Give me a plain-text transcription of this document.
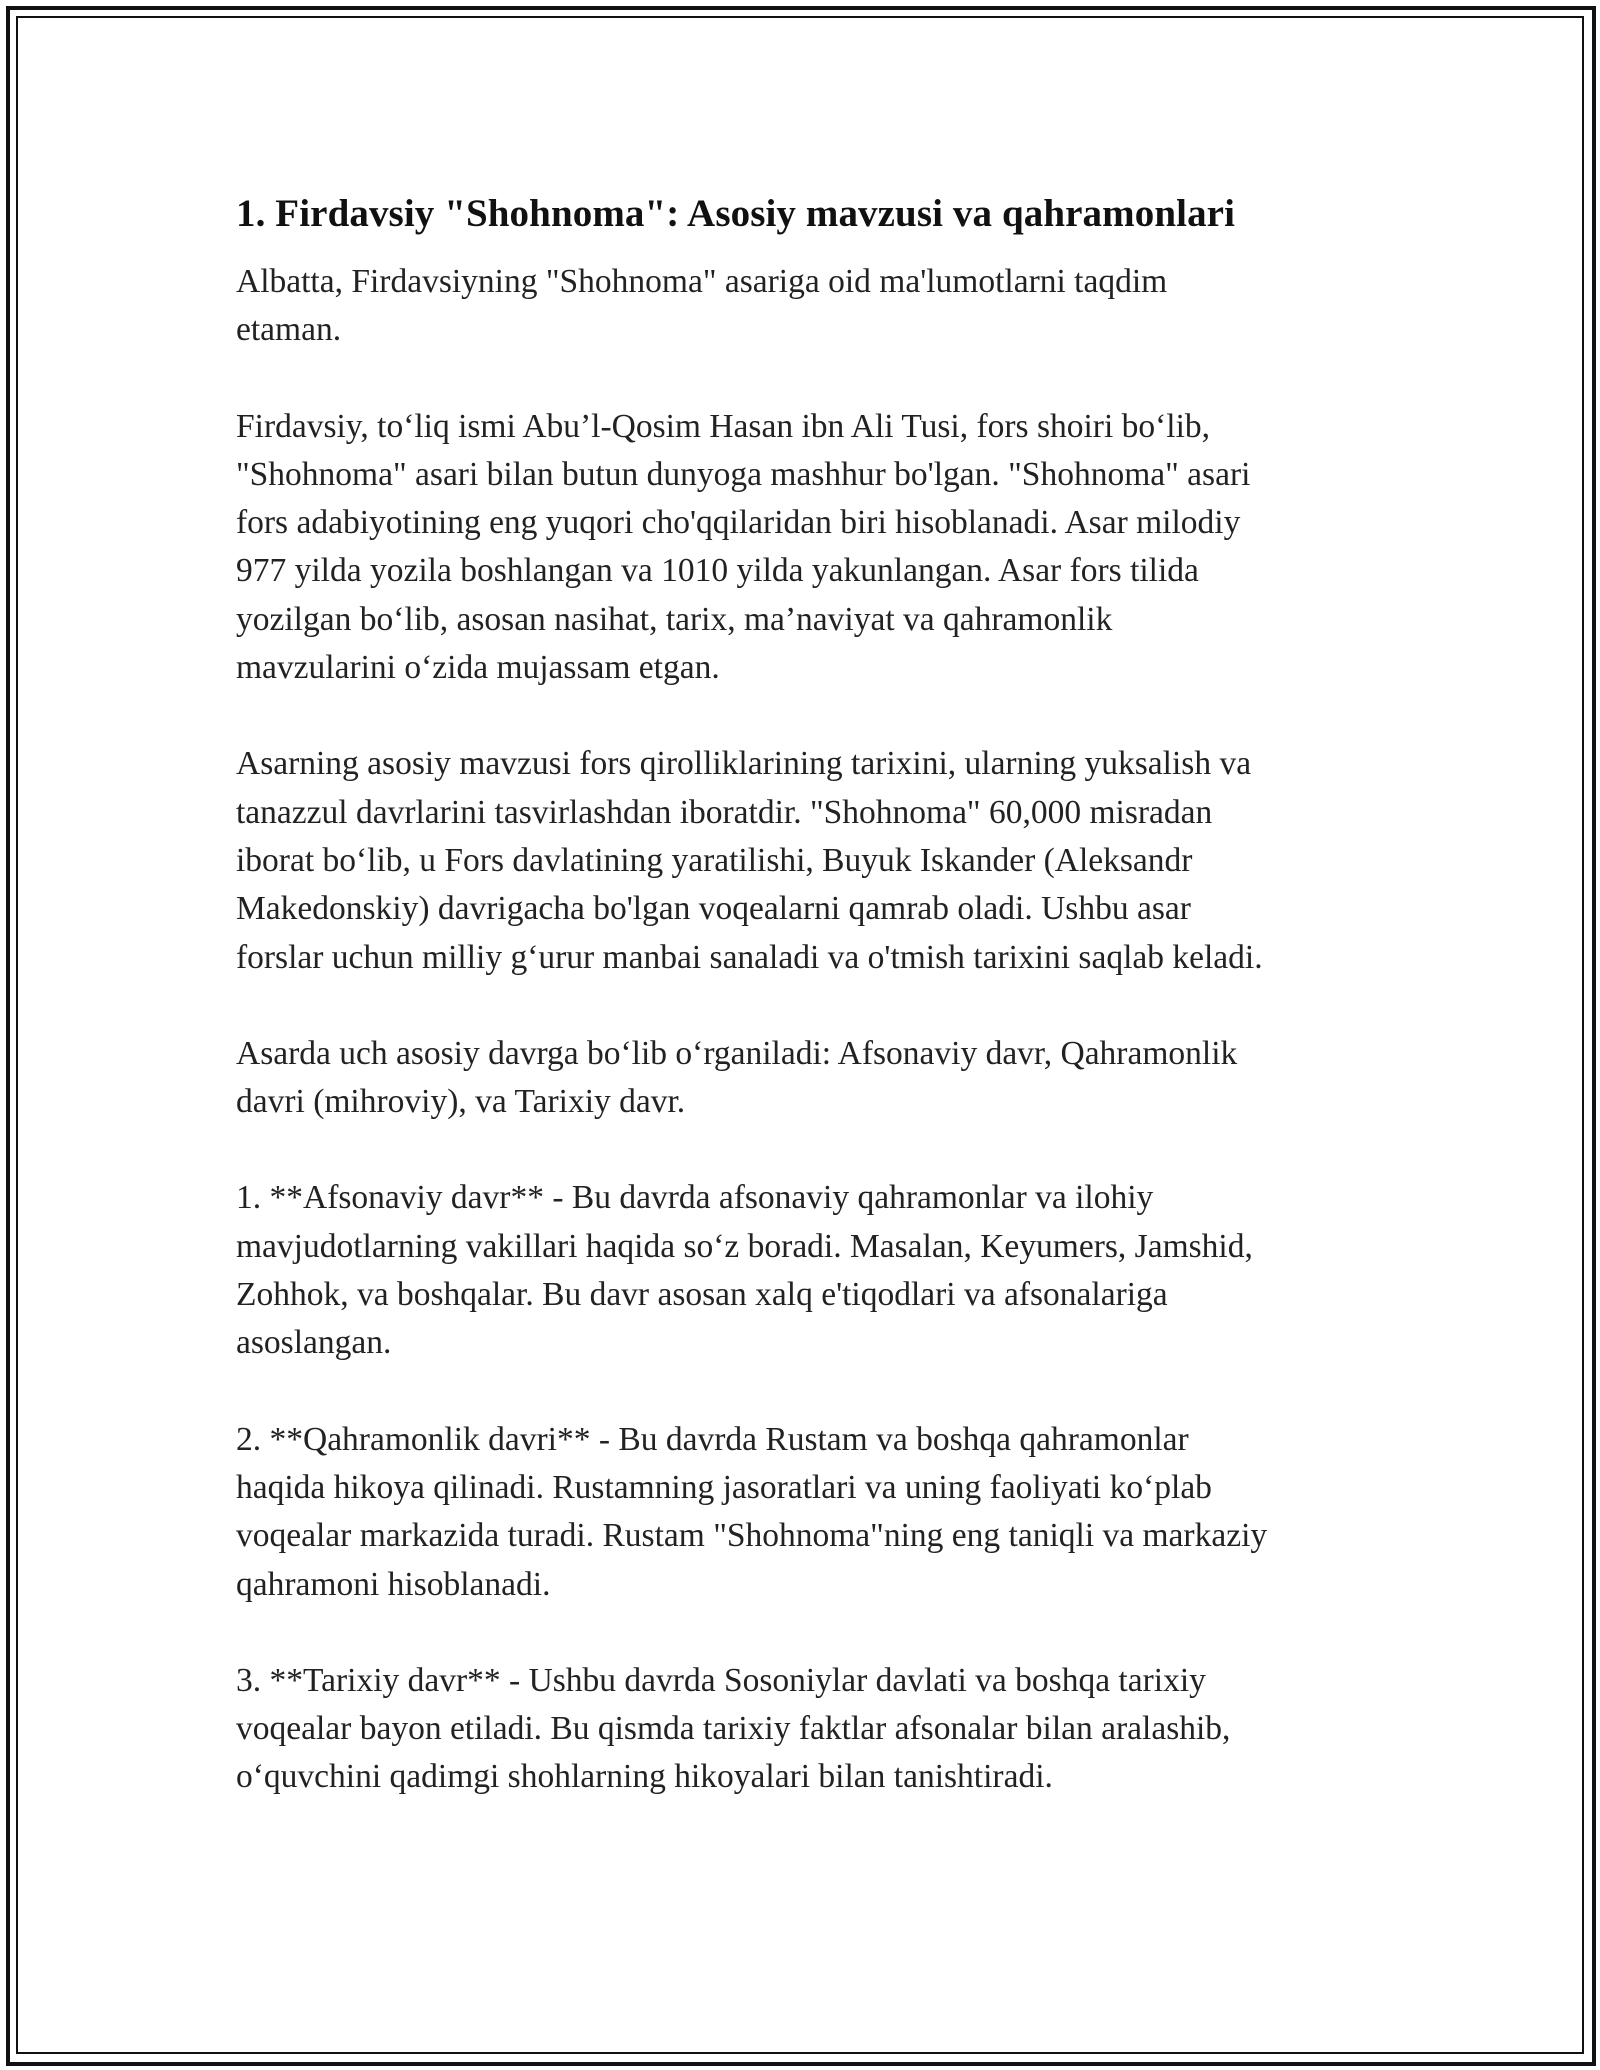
1. Firdavsiy "Shohnoma": Asosiy mavzusi va qahramonlari

Albatta, Firdavsiyning "Shohnoma" asariga oid ma'lumotlarni taqdim
etaman.

Firdavsiy, to‘liq ismi Abu’l-Qosim Hasan ibn Ali Tusi, fors shoiri bo‘lib,
"Shohnoma" asari bilan butun dunyoga mashhur bo'lgan. "Shohnoma" asari
fors adabiyotining eng yuqori cho'qqilaridan biri hisoblanadi. Asar milodiy
977 yilda yozila boshlangan va 1010 yilda yakunlangan. Asar fors tilida
yozilgan bo‘lib, asosan nasihat, tarix, ma’naviyat va qahramonlik
mavzularini o‘zida mujassam etgan.

Asarning asosiy mavzusi fors qirolliklarining tarixini, ularning yuksalish va
tanazzul davrlarini tasvirlashdan iboratdir. "Shohnoma" 60,000 misradan
iborat bo‘lib, u Fors davlatining yaratilishi, Buyuk Iskander (Aleksandr
Makedonskiy) davrigacha bo'lgan voqealarni qamrab oladi. Ushbu asar
forslar uchun milliy g‘urur manbai sanaladi va o'tmish tarixini saqlab keladi.

Asarda uch asosiy davrga bo‘lib o‘rganiladi: Afsonaviy davr, Qahramonlik
davri (mihroviy), va Tarixiy davr.

1. **Afsonaviy davr** - Bu davrda afsonaviy qahramonlar va ilohiy
mavjudotlarning vakillari haqida so‘z boradi. Masalan, Keyumers, Jamshid,
Zohhok, va boshqalar. Bu davr asosan xalq e'tiqodlari va afsonalariga
asoslangan.

2. **Qahramonlik davri** - Bu davrda Rustam va boshqa qahramonlar
haqida hikoya qilinadi. Rustamning jasoratlari va uning faoliyati ko‘plab
voqealar markazida turadi. Rustam "Shohnoma"ning eng taniqli va markaziy
qahramoni hisoblanadi.

3. **Tarixiy davr** - Ushbu davrda Sosoniylar davlati va boshqa tarixiy
voqealar bayon etiladi. Bu qismda tarixiy faktlar afsonalar bilan aralashib,
o‘quvchini qadimgi shohlarning hikoyalari bilan tanishtiradi.
